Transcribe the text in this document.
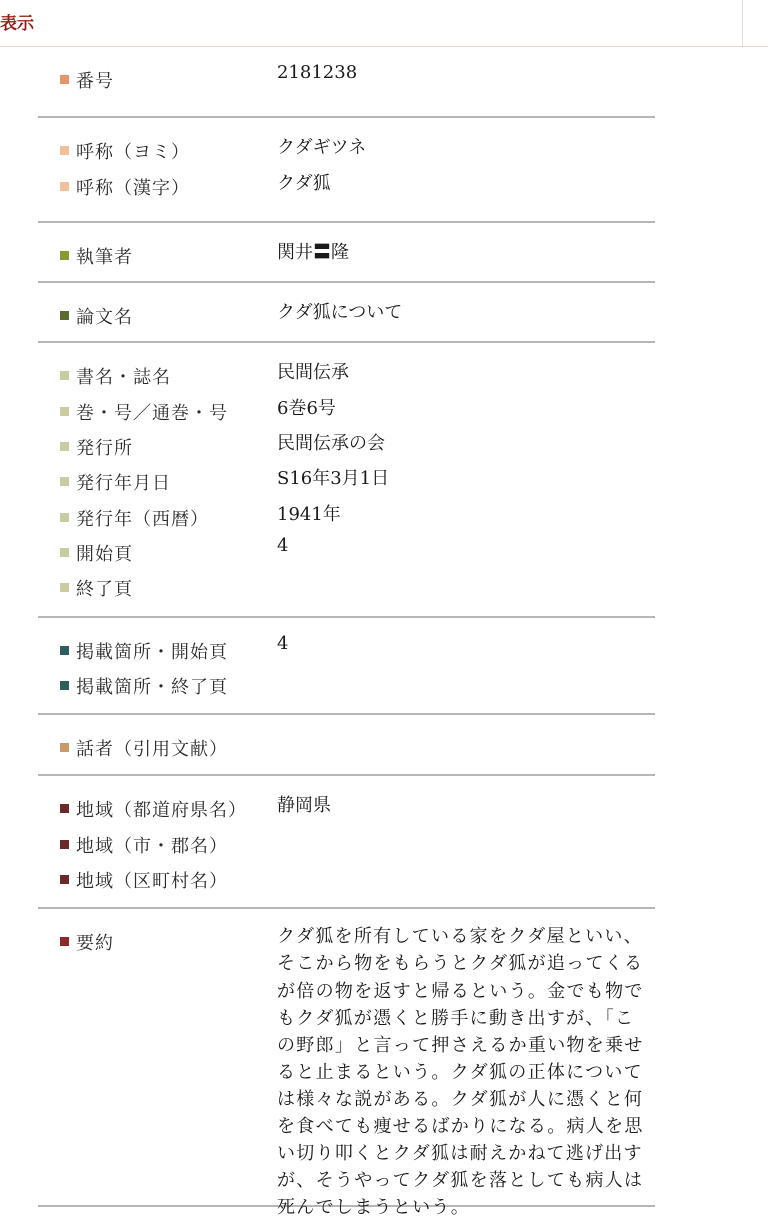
表示
番号	2181238
呼称（ヨミ）	クダギツネ
呼称（漢字）	クダ狐
執筆者	関井〓隆
論文名	クダ狐について
書名・誌名	民間伝承
巻・号／通巻・号	6巻6号
発行所	民間伝承の会
発行年月日	S16年3月1日
発行年（西暦）	1941年
開始頁	4
終了頁
掲載箇所・開始頁	4
掲載箇所・終了頁
話者（引用文献）
地域（都道府県名） 静岡県
地域（市・郡名）
地域（区町村名）
要約	クダ狐を所有している家をクダ屋といい、そこから物をもらうとクダ狐が追ってくるが倍の物を返すと帰るという。金でも物でもクダ狐が憑くと勝手に動き出すが、「この野郎」と言って押さえるか重い物を乗せると止まるという。クダ狐の正体については様々な説がある。クダ狐が人に憑くと何を食べても痩せるばかりになる。病人を思い切り叩くとクダ狐は耐えかねて逃げ出すが、そうやってクダ狐を落としても病人は死んでしまうという。
